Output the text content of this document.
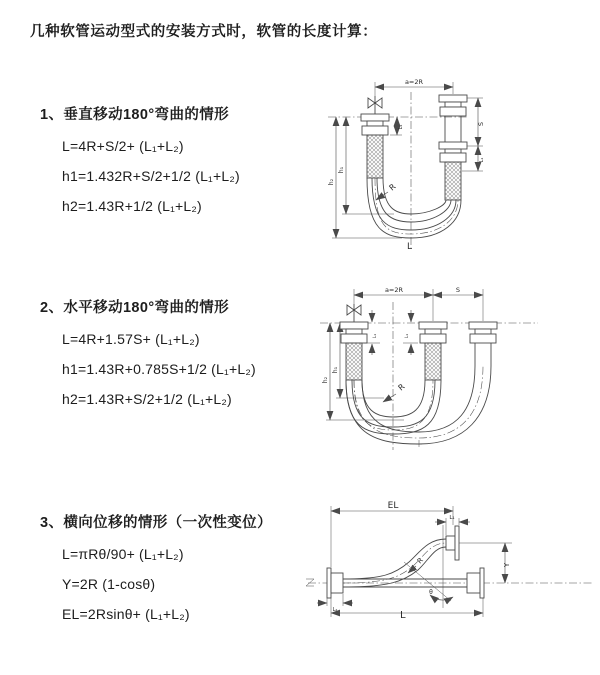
几种软管运动型式的安装方式时，软管的长度计算：
1、垂直移动180°弯曲的情形
L=4R+S/2+ (L₁+L₂)
h1=1.432R+S/2+1/2 (L₁+L₂)
h2=1.43R+1/2 (L₁+L₂)
2、水平移动180°弯曲的情形
L=4R+1.57S+ (L₁+L₂)
h1=1.43R+0.785S+1/2 (L₁+L₂)
h2=1.43R+S/2+1/2 (L₁+L₂)
3、横向位移的情形（一次性变位）
L=πRθ/90+ (L₁+L₂)
Y=2R (1-cosθ)
EL=2Rsinθ+ (L₁+L₂)
a=2R
S
L₁
L₁
h₁
h₂
R
L
a=2R	S
h₂
h₁
L₁	L₁
R
EL
L₁
Y
R
θ
L
L₂
